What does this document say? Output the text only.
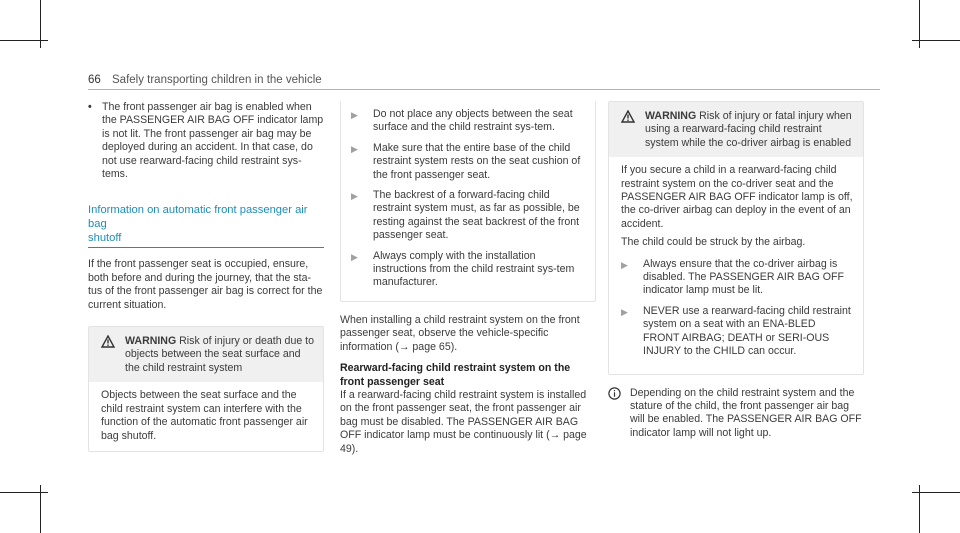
66 Safely transporting children in the vehicle
• The front passenger air bag is enabled when the PASSENGER AIR BAG OFF indicator lamp is not lit. The front passenger air bag may be deployed during an accident. In that case, do not use rearward-facing child restraint sys-tems.

Information on automatic front passenger air bag
shutoff

If the front passenger seat is occupied, ensure, both before and during the journey, that the sta-tus of the front passenger air bag is correct for the current situation.

WARNING Risk of injury or death due to objects between the seat surface and the child restraint system

Objects between the seat surface and the child restraint system can interfere with the function of the automatic front passenger air bag shutoff.

▶	Do not place any objects between the seat surface and the child restraint sys-tem.

▶	Make sure that the entire base of the child restraint system rests on the seat cushion of the front passenger seat.

▶	The backrest of a forward-facing child restraint system must, as far as possible, be resting against the seat backrest of the front passenger seat.

▶	Always comply with the installation instructions from the child restraint sys-tem manufacturer.

When installing a child restraint system on the front passenger seat, observe the vehicle-specific information (→ page 65).

Rearward-facing child restraint system on the front passenger seat

If a rearward-facing child restraint system is installed on the front passenger seat, the front passenger air bag must be disabled. The PASSENGER AIR BAG OFF indicator lamp must be continuously lit (→ page 49).

WARNING Risk of injury or fatal injury when using a rearward-facing child restraint system while the co-driver airbag is enabled

If you secure a child in a rearward-facing child restraint system on the co-driver seat and the PASSENGER AIR BAG OFF indicator lamp is off, the co-driver airbag can deploy in the event of an accident.

The child could be struck by the airbag.

▶	Always ensure that the co-driver airbag is disabled. The PASSENGER AIR BAG OFF indicator lamp must be lit.

▶	NEVER use a rearward-facing child restraint system on a seat with an ENA-BLED FRONT AIRBAG; DEATH or SERI-OUS INJURY to the CHILD can occur.

Depending on the child restraint system and the stature of the child, the front passenger air bag will be enabled. The PASSENGER AIR BAG OFF indicator lamp will not light up.
